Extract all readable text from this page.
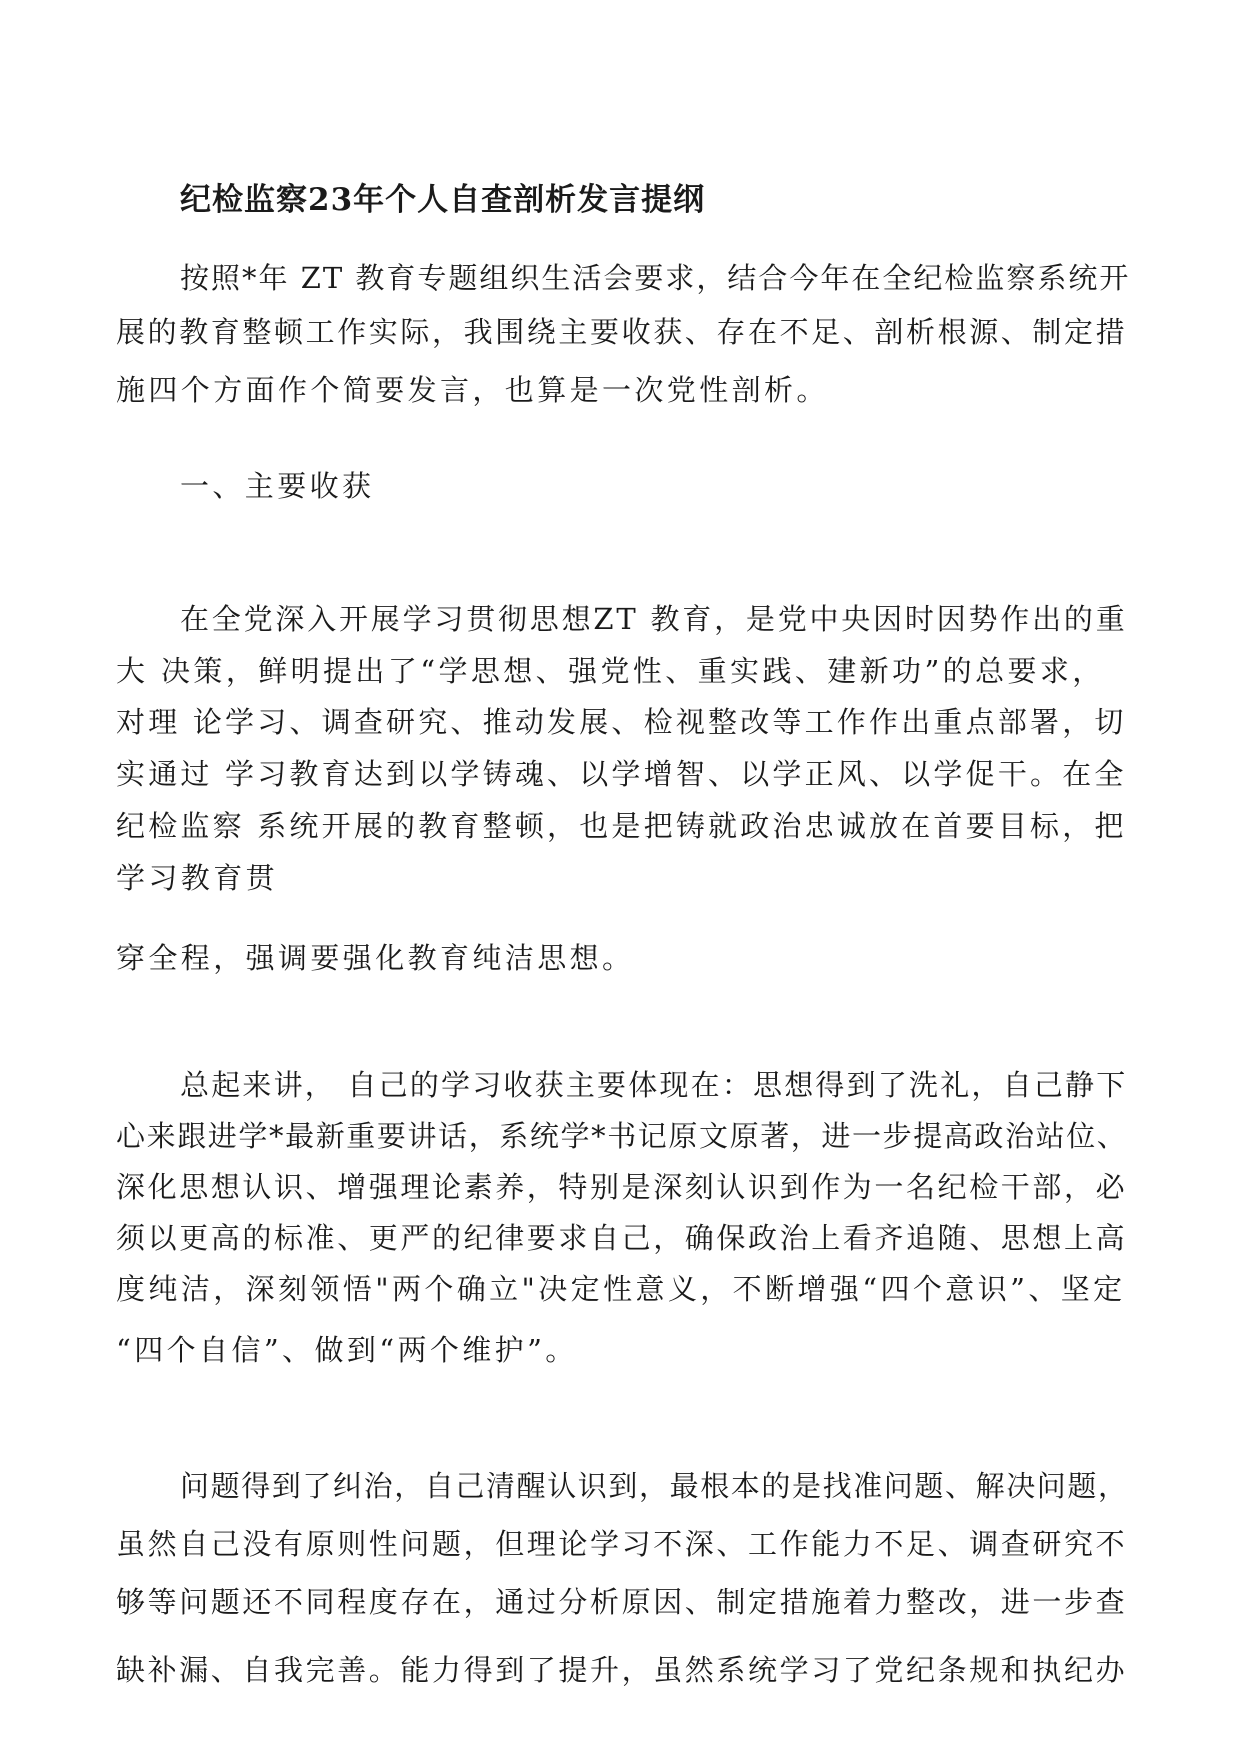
纪检监察23年个人自查剖析发言提纲
按照*年 ZT 教育专题组织生活会要求，结合今年在全纪检监察系统开
展的教育整顿工作实际，我围绕主要收获、存在不足、剖析根源、制定措
施四个方面作个简要发言，也算是一次党性剖析。
一、主要收获
在全党深入开展学习贯彻思想ZT 教育，是党中央因时因势作出的重
大 决策，鲜明提出了“学思想、强党性、重实践、建新功”的总要求，
对理 论学习、调查研究、推动发展、检视整改等工作作出重点部署，切
实通过 学习教育达到以学铸魂、以学增智、以学正风、以学促干。在全
纪检监察 系统开展的教育整顿，也是把铸就政治忠诚放在首要目标，把
学习教育贯
穿全程，强调要强化教育纯洁思想。
总起来讲， 自己的学习收获主要体现在：思想得到了洗礼，自己静下
心来跟进学*最新重要讲话，系统学*书记原文原著，进一步提高政治站位、
深化思想认识、增强理论素养，特别是深刻认识到作为一名纪检干部，必
须以更高的标准、更严的纪律要求自己，确保政治上看齐追随、思想上高
度纯洁，深刻领悟"两个确立"决定性意义，不断增强“四个意识”、坚定
“四个自信”、做到“两个维护”。
问题得到了纠治，自己清醒认识到，最根本的是找准问题、解决问题，
虽然自己没有原则性问题，但理论学习不深、工作能力不足、调查研究不
够等问题还不同程度存在，通过分析原因、制定措施着力整改，进一步查
缺补漏、自我完善。能力得到了提升，虽然系统学习了党纪条规和执纪办
